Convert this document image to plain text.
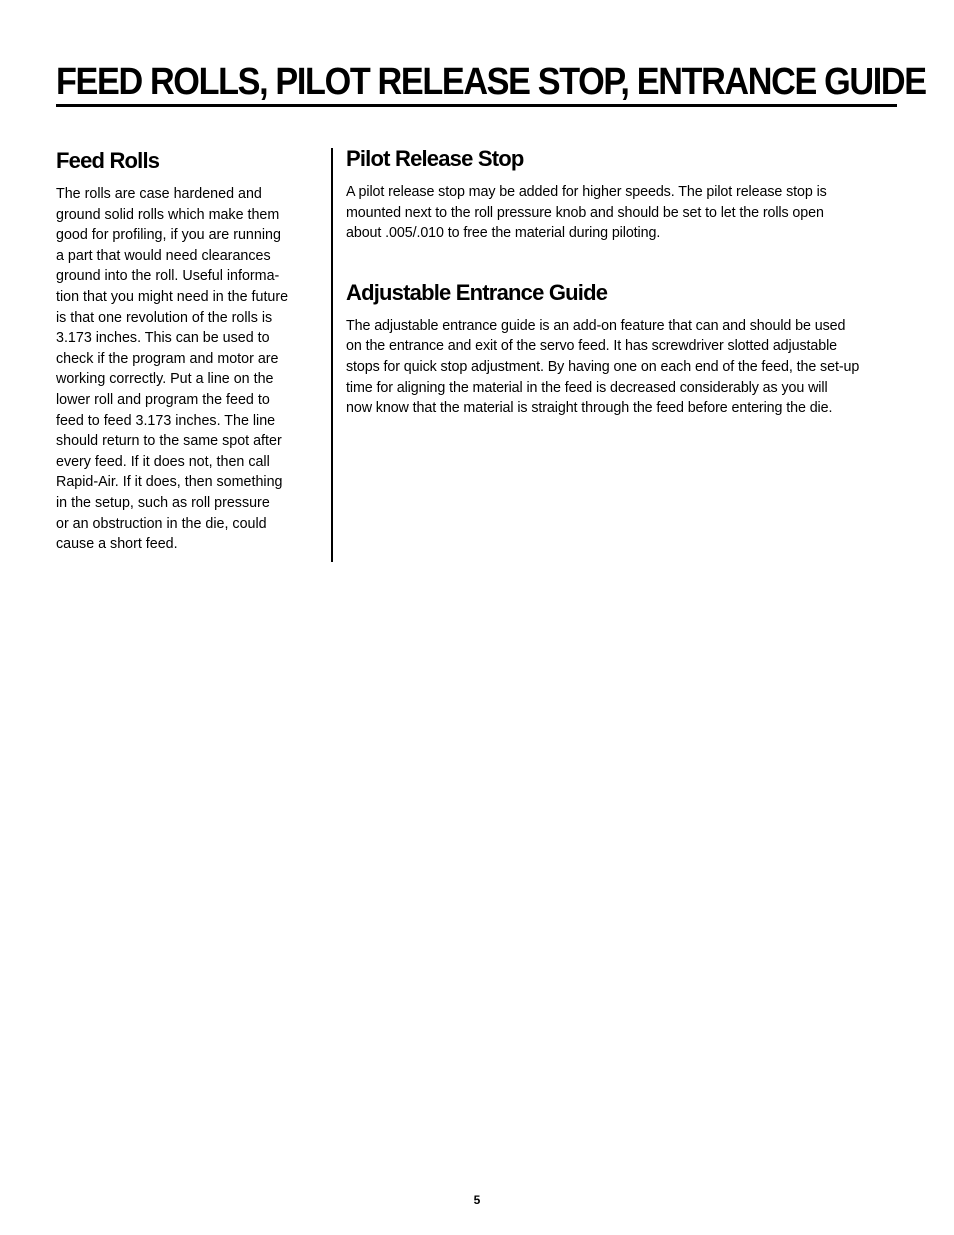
FEED ROLLS, PILOT RELEASE STOP, ENTRANCE GUIDE
Feed Rolls

The rolls are case hardened and
ground solid rolls which make them
good for profiling, if you are running
a part that would need clearances
ground into the roll. Useful informa-
tion that you might need in the future
is that one revolution of the rolls is
3.173 inches. This can be used to
check if the program and motor are
working correctly. Put a line on the
lower roll and program the feed to
feed to feed 3.173 inches. The line
should return to the same spot after
every feed. If it does not, then call
Rapid-Air. If it does, then something
in the setup, such as roll pressure
or an obstruction in the die, could
cause a short feed.

Pilot Release Stop

A pilot release stop may be added for higher speeds. The pilot release stop is
mounted next to the roll pressure knob and should be set to let the rolls open
about .005/.010 to free the material during piloting.

Adjustable Entrance Guide

The adjustable entrance guide is an add-on feature that can and should be used
on the entrance and exit of the servo feed. It has screwdriver slotted adjustable
stops for quick stop adjustment. By having one on each end of the feed, the set-up
time for aligning the material in the feed is decreased considerably as you will
now know that the material is straight through the feed before entering the die.

5
